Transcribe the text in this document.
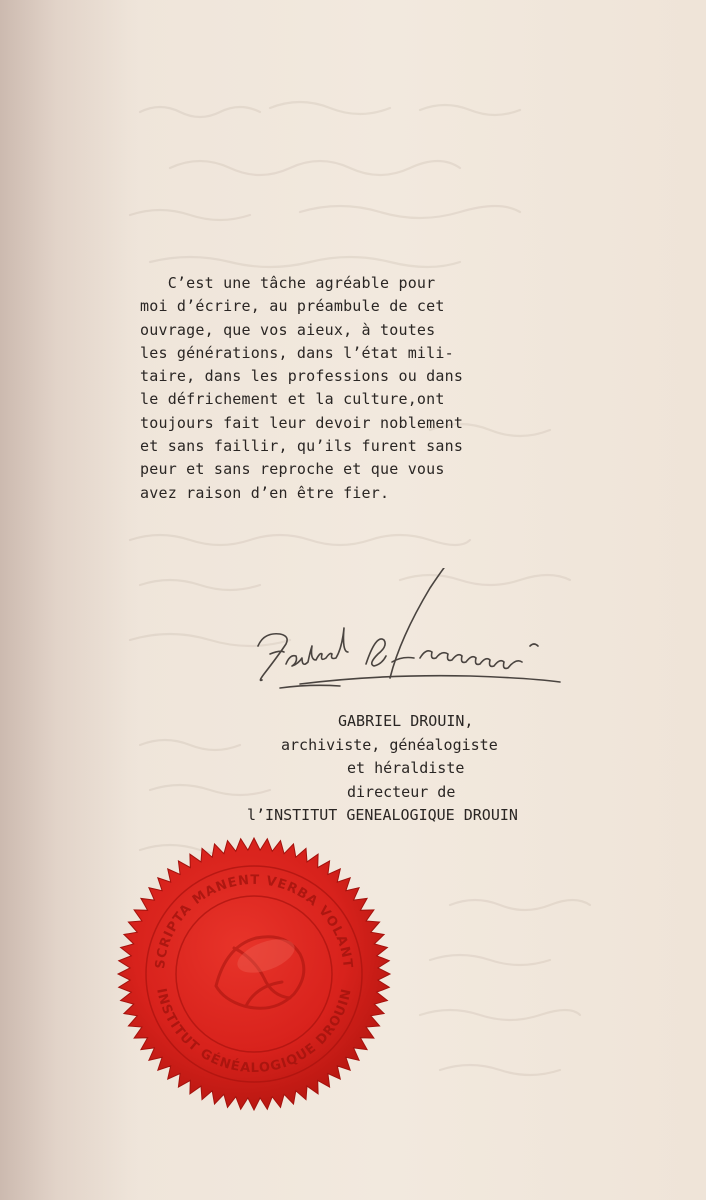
C’est une tâche agréable pour
moi d’écrire, au préambule de cet
ouvrage, que vos aieux, à toutes
les générations, dans l’état mili-
taire, dans les professions ou dans
le défrichement et la culture,ont
toujours fait leur devoir noblement
et sans faillir, qu’ils furent sans
peur et sans reproche et que vous
avez raison d’en être fier.
GABRIEL DROUIN,
archiviste, généalogiste
et héraldiste
directeur de
l’INSTITUT GENEALOGIQUE DROUIN
SCRIPTA MANENT VERBA VOLANT
INSTITUT GÉNÉALOGIQUE DROUIN
